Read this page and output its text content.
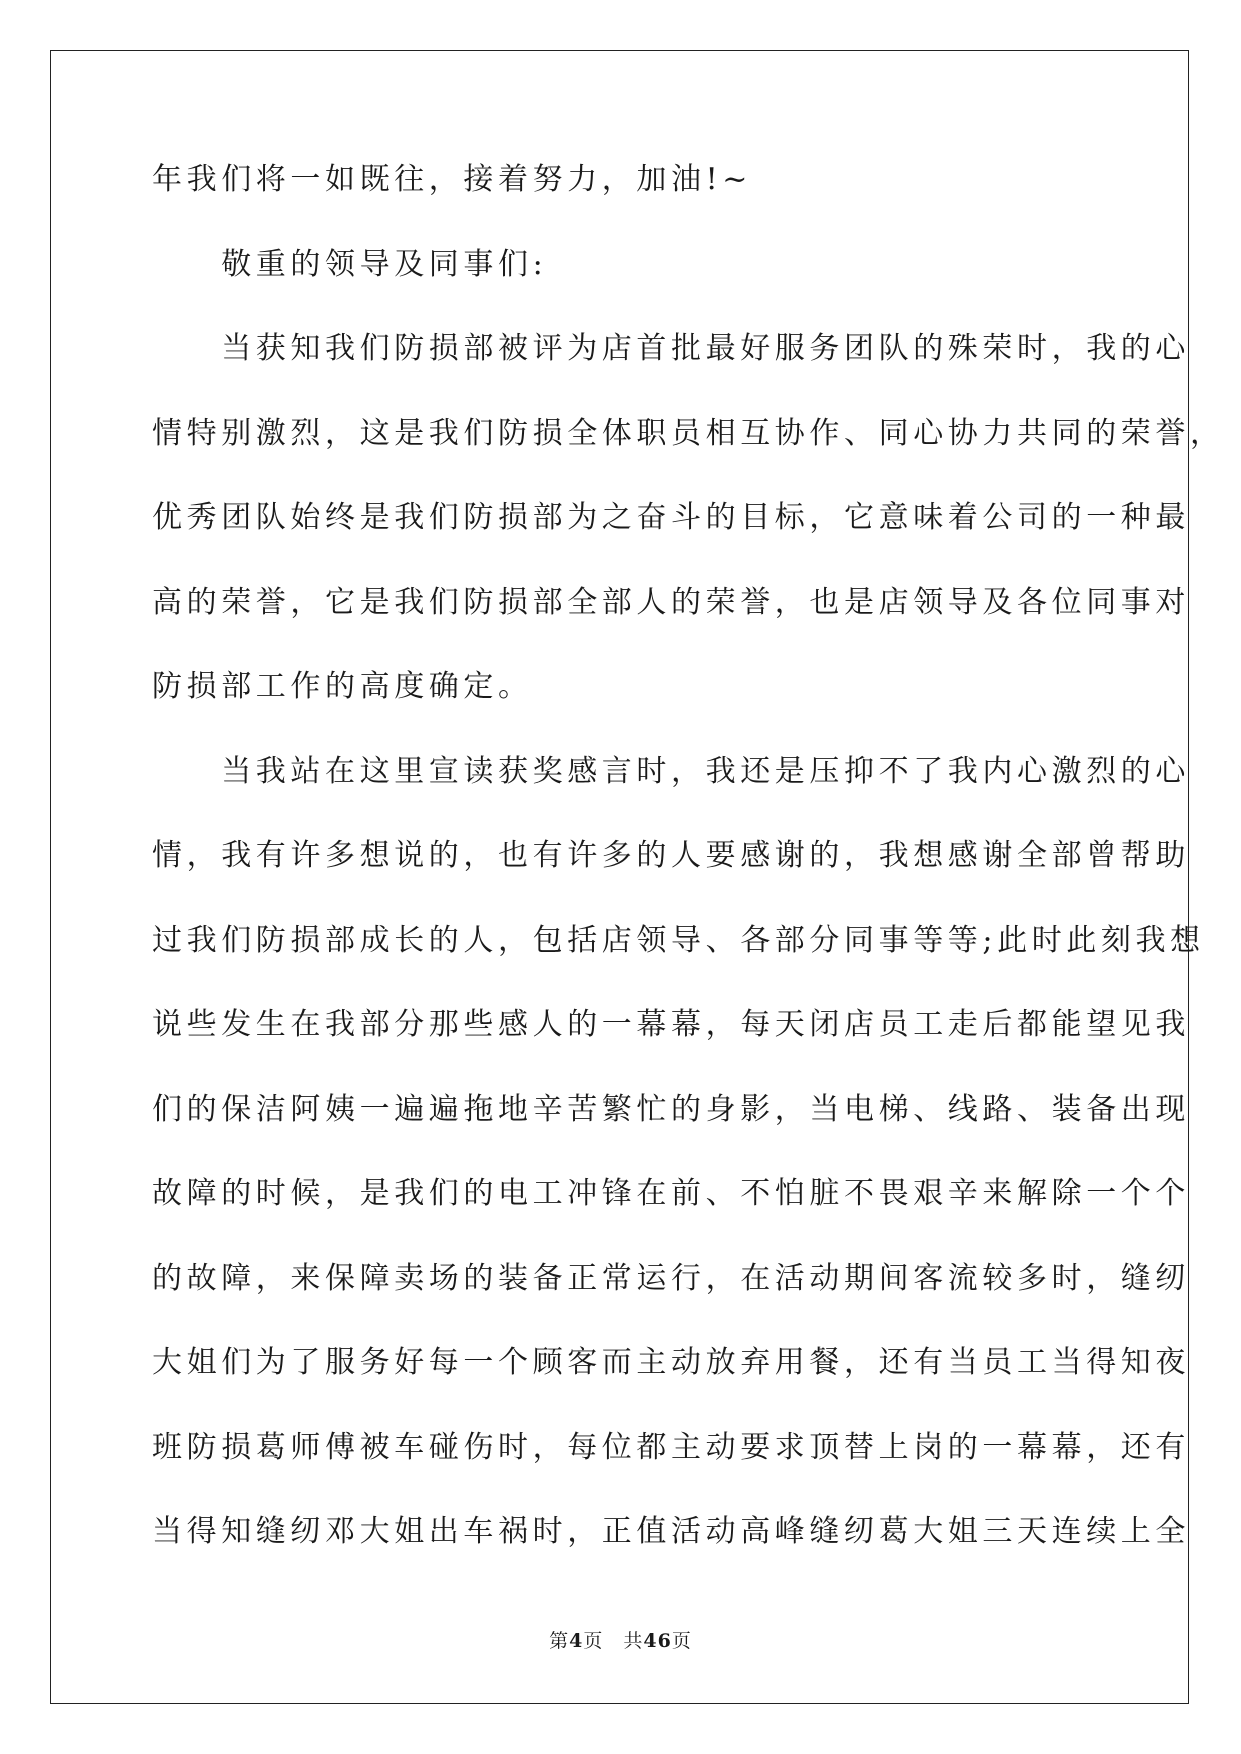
年我们将一如既往，接着努力，加油!~
　　敬重的领导及同事们:
　　当获知我们防损部被评为店首批最好服务团队的殊荣时，我的心
情特别激烈，这是我们防损全体职员相互协作、同心协力共同的荣誉，
优秀团队始终是我们防损部为之奋斗的目标，它意味着公司的一种最
高的荣誉，它是我们防损部全部人的荣誉，也是店领导及各位同事对
防损部工作的高度确定。
　　当我站在这里宣读获奖感言时，我还是压抑不了我内心激烈的心
情，我有许多想说的，也有许多的人要感谢的，我想感谢全部曾帮助
过我们防损部成长的人，包括店领导、各部分同事等等;此时此刻我想
说些发生在我部分那些感人的一幕幕，每天闭店员工走后都能望见我
们的保洁阿姨一遍遍拖地辛苦繁忙的身影，当电梯、线路、装备出现
故障的时候，是我们的电工冲锋在前、不怕脏不畏艰辛来解除一个个
的故障，来保障卖场的装备正常运行，在活动期间客流较多时，缝纫
大姐们为了服务好每一个顾客而主动放弃用餐，还有当员工当得知夜
班防损葛师傅被车碰伤时，每位都主动要求顶替上岗的一幕幕，还有
当得知缝纫邓大姐出车祸时，正值活动高峰缝纫葛大姐三天连续上全
第4页 共46页
